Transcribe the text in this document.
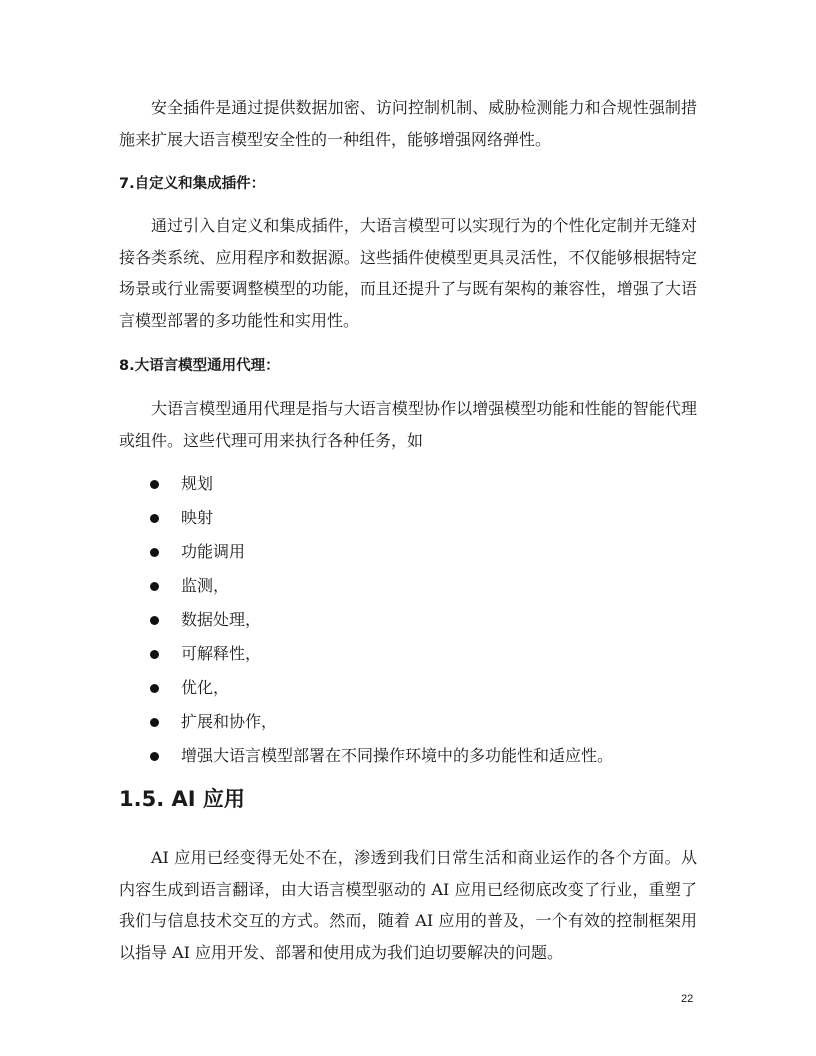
安全插件是通过提供数据加密、访问控制机制、威胁检测能力和合规性强制措施来扩展大语言模型安全性的一种组件，能够增强网络弹性。

7.自定义和集成插件：

通过引入自定义和集成插件，大语言模型可以实现行为的个性化定制并无缝对接各类系统、应用程序和数据源。这些插件使模型更具灵活性，不仅能够根据特定场景或行业需要调整模型的功能，而且还提升了与既有架构的兼容性，增强了大语言模型部署的多功能性和实用性。

8.大语言模型通用代理：

大语言模型通用代理是指与大语言模型协作以增强模型功能和性能的智能代理或组件。这些代理可用来执行各种任务，如

规划
映射
功能调用
监测，
数据处理，
可解释性，
优化，
扩展和协作，
增强大语言模型部署在不同操作环境中的多功能性和适应性。
1.5. AI 应用

AI 应用已经变得无处不在，渗透到我们日常生活和商业运作的各个方面。从内容生成到语言翻译，由大语言模型驱动的 AI 应用已经彻底改变了行业，重塑了我们与信息技术交互的方式。然而，随着 AI 应用的普及，一个有效的控制框架用以指导 AI 应用开发、部署和使用成为我们迫切要解决的问题。

22
